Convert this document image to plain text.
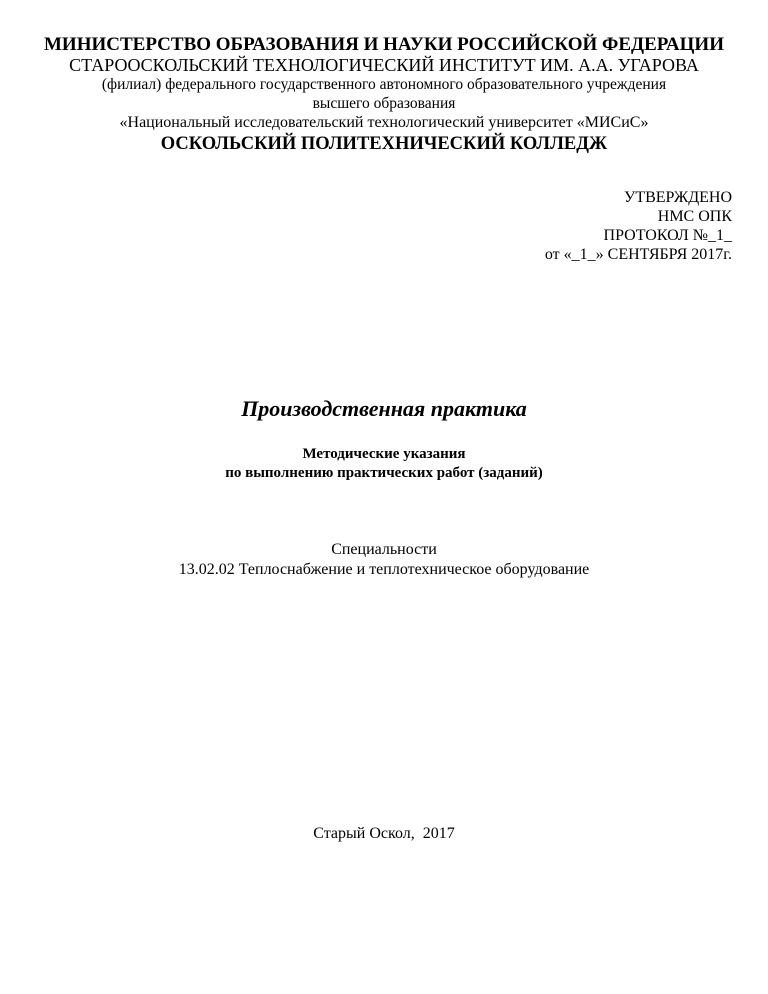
МИНИСТЕРСТВО ОБРАЗОВАНИЯ И НАУКИ РОССИЙСКОЙ ФЕДЕРАЦИИ
СТАРООСКОЛЬСКИЙ ТЕХНОЛОГИЧЕСКИЙ ИНСТИТУТ ИМ. А.А. УГАРОВА
(филиал) федерального государственного автономного образовательного учреждения
высшего образования
«Национальный исследовательский технологический университет «МИСиС»
ОСКОЛЬСКИЙ ПОЛИТЕХНИЧЕСКИЙ КОЛЛЕДЖ
УТВЕРЖДЕНО
НМС ОПК
ПРОТОКОЛ №_1_
от «_1_» СЕНТЯБРЯ 2017г.
Производственная практика
Методические указания
по выполнению практических работ (заданий)
Специальности
13.02.02 Теплоснабжение и теплотехническое оборудование
Старый Оскол,  2017
